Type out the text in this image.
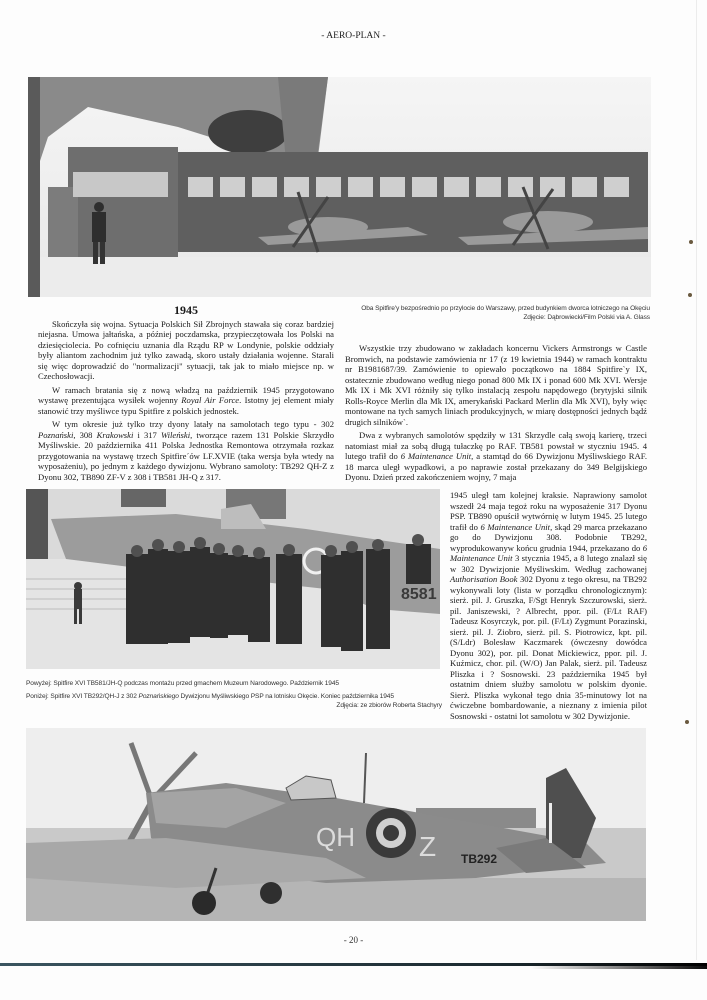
- AERO-PLAN -
Oba Spitfire'y bezpośrednio po przylocie do Warszawy, przed budynkiem dworca lotniczego na Okęciu
Zdjęcie: Dąbrowiecki/Film Polski via A. Glass
1945

Skończyła się wojna. Sytuacja Polskich Sił Zbrojnych stawała się coraz bardziej niejasna. Umowa jałtańska, a później poczdamska, przypieczętowała los Polski na dziesięciolecia. Po cofnięciu uznania dla Rządu RP w Londynie, polskie oddziały były aliantom zachodnim już tylko zawadą, skoro ustały działania wojenne. Starali się więc doprowadzić do "normalizacji" sytuacji, tak jak to miało miejsce np. w Czechosłowacji.

W ramach bratania się z nową władzą na październik 1945 przygotowano wystawę prezentująca wysiłek wojenny Royal Air Force. Istotny jej element miały stanowić trzy myśliwce typu Spitfire z polskich jednostek.

W tym okresie już tylko trzy dyony latały na samolotach tego typu - 302 Poznański, 308 Krakowski i 317 Wileński, tworzące razem 131 Polskie Skrzydło Myśliwskie. 20 października 411 Polska Jednostka Remontowa otrzymała rozkaz przygotowania na wystawę trzech Spitfire´ów LF.XVIE (taka wersja była wtedy na wyposażeniu), po jednym z każdego dywizjonu. Wybrano samoloty: TB292 QH-Z z Dyonu 302, TB890 ZF-V z 308 i TB581 JH-Q z 317.

Wszystkie trzy zbudowano w zakładach koncernu Vickers Armstrongs w Castle Bromwich, na podstawie zamówienia nr 17 (z 19 kwietnia 1944) w ramach kontraktu nr B1981687/39. Zamówienie to opiewało początkowo na 1884 Spitfire`y IX, ostatecznie zbudowano według niego ponad 800 Mk IX i ponad 600 Mk XVI. Wersje Mk IX i Mk XVI różniły się tylko instalacją zespołu napędowego (brytyjski silnik Rolls-Royce Merlin dla Mk IX, amerykański Packard Merlin dla Mk XVI), były więc montowane na tych samych liniach produkcyjnych, w miarę dostępności jednych bądź drugich silników`.

Dwa z wybranych samolotów spędziły w 131 Skrzydle całą swoją karierę, trzeci natomiast miał za sobą długą tułaczkę po RAF. TB581 powstał w styczniu 1945. 4 lutego trafił do 6 Maintenance Unit, a stamtąd do 66 Dywizjonu Myśliwskiego RAF. 18 marca uległ wypadkowi, a po naprawie został przekazany do 349 Belgijskiego Dyonu. Dzień przed zakończeniem wojny, 7 maja

1945 uległ tam kolejnej kraksie. Naprawiony samolot wszedł 24 maja tegoż roku na wyposażenie 317 Dyonu PSP. TB890 opuścił wytwórnię w lutym 1945. 25 lutego trafił do 6 Maintenance Unit, skąd 29 marca przekazano go do Dywizjonu 308. Podobnie TB292, wyprodukowanyw końcu grudnia 1944, przekazano do 6 Maintenance Unit 3 stycznia 1945, a 8 lutego znalazł się w 302 Dywizjonie Myśliwskim. Według zachowanej Authorisation Book 302 Dyonu z tego okresu, na TB292 wykonywali loty (lista w porządku chronologicznym): sierż. pil. J. Gruszka, F/Sgt Henryk Szczurowski, sierż. pil. Janiszewski, ? Albrecht, ppor. pil. (F/Lt RAF) Tadeusz Kosyrczyk, por. pil. (F/Lt) Zygmunt Porazinski, sierż. pil. J. Ziobro, sierż. pil. S. Piotrowicz, kpt. pil. (S/Ldr) Bolesław Kaczmarek (ówczesny dowódca Dyonu 302), por. pil. Donat Mickiewicz, ppor. pil. J. Kuźmicz, chor. pil. (W/O) Jan Palak, sierż. pil. Tadeusz Pliszka i ? Sosnowski. 23 października 1945 był ostatnim dniem służby samolotu w polskim dyonie. Sierż. Pliszka wykonał tego dnia 35-minutowy lot na ćwiczebne bombardowanie, a nieznany z imienia pilot Sosnowski - ostatni lot samolotu w 302 Dywizjonie.

8581
Powyżej: Spitfire XVI TB581/JH-Q podczas montażu przed gmachem Muzeum Narodowego. Październik 1945
Poniżej: Spitfire XVI TB292/QH-J z 302 Poznańskiego Dywizjonu Myśliwskiego PSP na lotnisku Okęcie. Koniec października 1945
Zdjęcia: ze zbiorów Roberta Stachyry
QH Z TB292
- 20 -
